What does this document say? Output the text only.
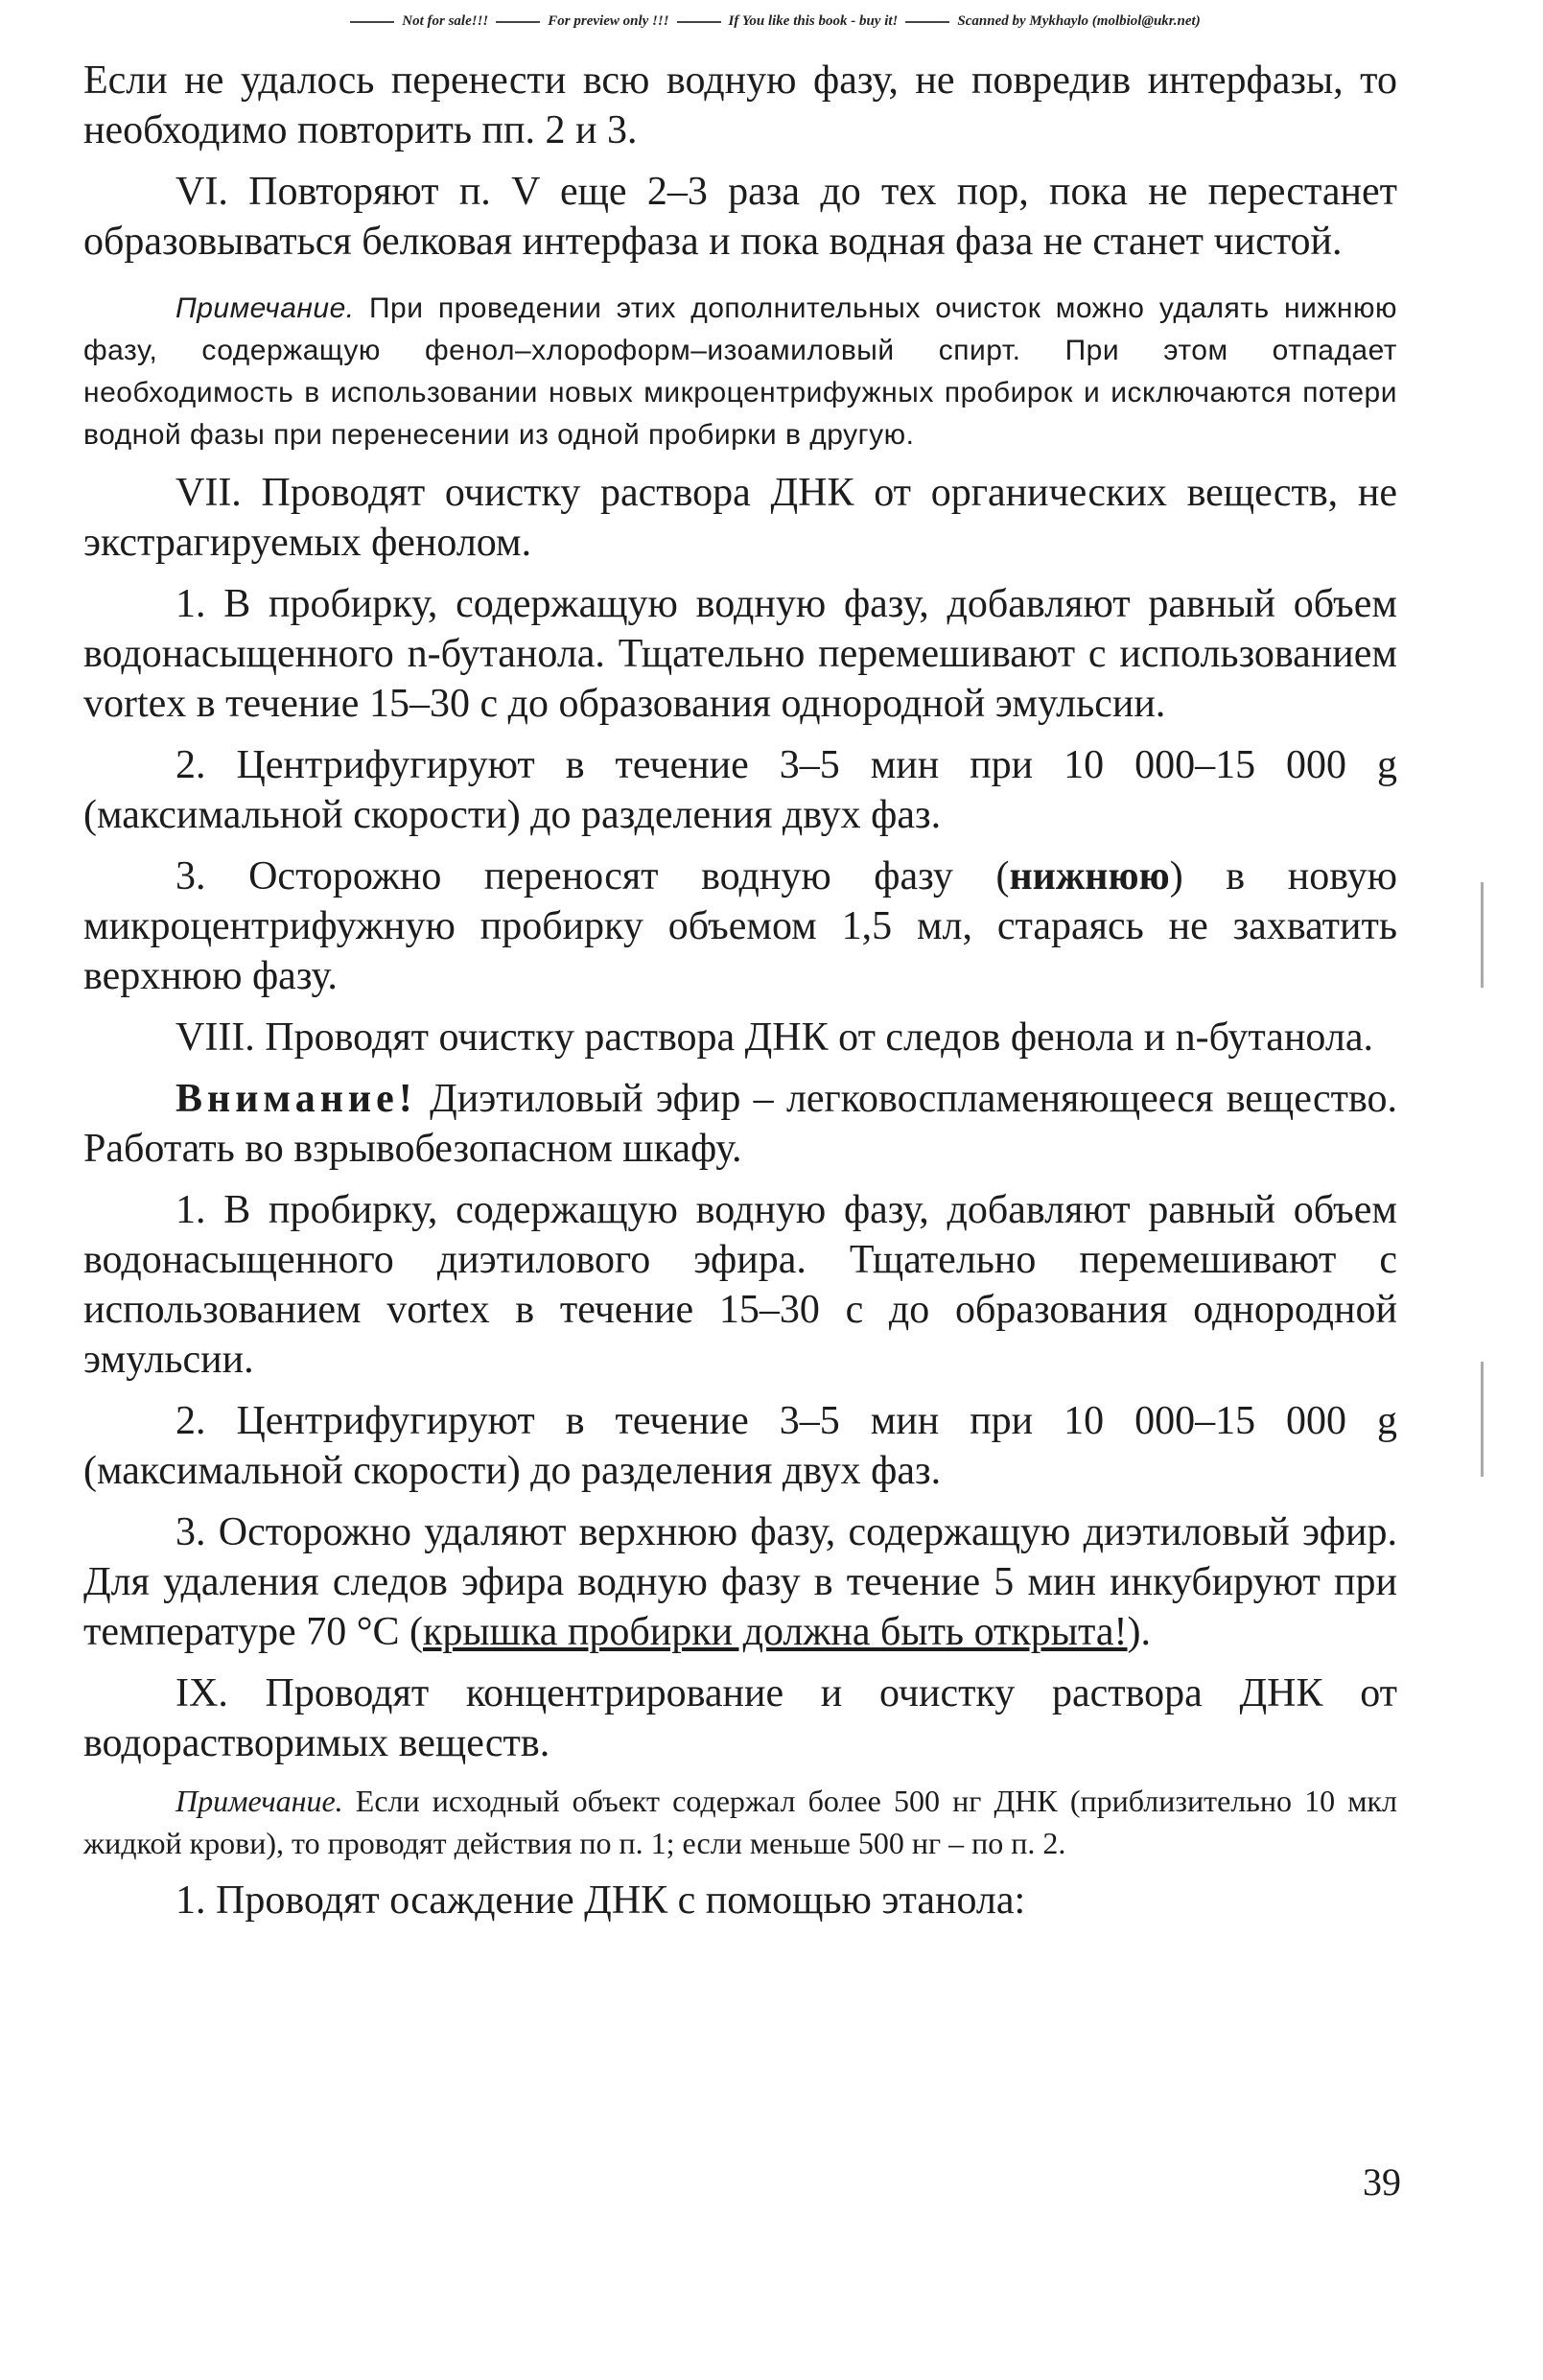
Not for sale!!!	For preview only !!!	If You like this book - buy it!	Scanned by Mykhaylo (molbiol@ukr.net)

Если не удалось перенести всю водную фазу, не повредив интерфазы, то необходимо повторить пп. 2 и 3.

VI. Повторяют п. V еще 2–3 раза до тех пор, пока не перестанет образовываться белковая интерфаза и пока водная фаза не станет чистой.

Примечание. При проведении этих дополнительных очисток можно удалять нижнюю фазу, содержащую фенол–хлороформ–изоамиловый спирт. При этом отпадает необходимость в использовании новых микроцентрифужных пробирок и исключаются потери водной фазы при перенесении из одной пробирки в другую.

VII. Проводят очистку раствора ДНК от органических веществ, не экстрагируемых фенолом.

1. В пробирку, содержащую водную фазу, добавляют равный объем водонасыщенного n-бутанола. Тщательно перемешивают с использованием vortex в течение 15–30 с до образования однородной эмульсии.

2. Центрифугируют в течение 3–5 мин при 10 000–15 000 g (максимальной скорости) до разделения двух фаз.

3. Осторожно переносят водную фазу (нижнюю) в новую микроцентрифужную пробирку объемом 1,5 мл, стараясь не захватить верхнюю фазу.

VIII. Проводят очистку раствора ДНК от следов фенола и n-бутанола.

Внимание! Диэтиловый эфир – легковоспламеняющееся вещество. Работать во взрывобезопасном шкафу.

1. В пробирку, содержащую водную фазу, добавляют равный объем водонасыщенного диэтилового эфира. Тщательно перемешивают с использованием vortex в течение 15–30 с до образования однородной эмульсии.

2. Центрифугируют в течение 3–5 мин при 10 000–15 000 g (максимальной скорости) до разделения двух фаз.

3. Осторожно удаляют верхнюю фазу, содержащую диэтиловый эфир. Для удаления следов эфира водную фазу в течение 5 мин инкубируют при температуре 70 °С (крышка пробирки должна быть открыта!).

IX. Проводят концентрирование и очистку раствора ДНК от водорастворимых веществ.

Примечание. Если исходный объект содержал более 500 нг ДНК (приблизительно 10 мкл жидкой крови), то проводят действия по п. 1; если меньше 500 нг – по п. 2.

1. Проводят осаждение ДНК с помощью этанола:

39
